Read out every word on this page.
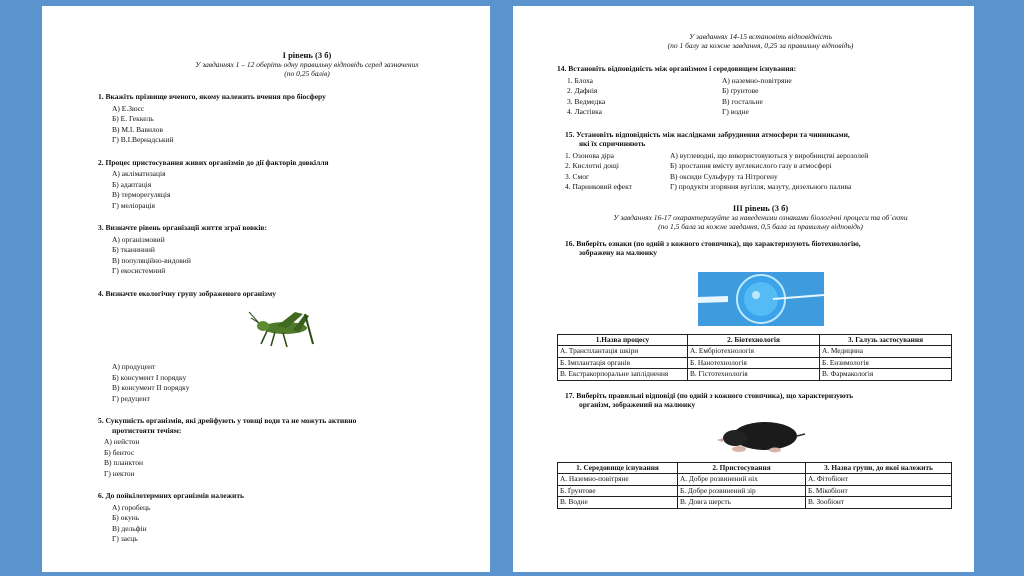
І рівень (3 б)
У завданнях 1 – 12 оберіть одну правильну відповідь серед зазначених
(по 0,25 балів)
1. Вкажіть прізвище вченого, якому належить вчення про біосферу
А) Е.Зюсс
Б) Е. Геккель
В) М.І. Вавилов
Г) В.І.Вернадський
2. Процес пристосування живих організмів до дії факторів довкілля
А) акліматизація
Б) адаптація
В) терморегуляція
Г) меліорація
3. Визначте рівень організації життя зграї вовків:
А) організмовий
Б) тканинний
В) популяційно-видовий
Г) екосистемний
4. Визначте екологічну групу зображеного організму
А) продуцент
Б) консумент І порядку
В) консумент ІІ порядку
Г) редуцент
5. Сукупність організмів, які дрейфують у товщі води та не можуть активно
протистояти течіям:
А) нейстон
Б) бентос
В) планктон
Г) нектон
6. До пойкілотермних організмів належить
А) горобець
Б) окунь
В) дельфін
Г) заєць
У завданнях 14-15 встановіть відповідність
(по 1 балу за кожне завдання, 0,25 за правильну відповідь)
14. Встановіть відповідність між організмом і середовищем існування:
1. Блоха	А) наземно-повітряне
2. Дафнія	Б) ґрунтове
3. Ведмедка	В) гостальне
4. Ластівка	Г) водне
15. Установіть відповідність між наслідками забруднення атмосфери та чинниками,
які їх спричиняють
1. Озонова діра	А) вуглеводні, що використовуються у виробництві аерозолей
2. Кислотні дощі	Б) зростання вмісту вуглекислого газу в атмосфері
3. Смог	В) оксиди Сульфуру та Нітрогену
4. Парниковий ефект	Г) продукти згоряння вугілля, мазуту, дизельного палива
ІІІ рівень (3 б)
У завданнях 16-17 охарактеризуйте за наведеними ознаками біологічні процеси та об`єкти
(по 1,5 бала за кожне завдання, 0,5 бала за правильну відповідь)
16. Виберіть ознаки (по одній з кожного стовпчика), що характеризують біотехнологію,
зображену на малюнку
1.Назва процесу	2. Біотехнологія	3. Галузь застосування
А. Трансплантація шкіри	А. Ембріотехнологія	А. Медицина
Б. Імплантація органів	Б. Нанотехнологія	Б. Ензимологія
В. Екстракорпоральне запліднення	В. Гістотехнологія	В. Фармакологія
17. Виберіть правильні відповіді (по одній з кожного стовпчика), що характеризують
організм, зображений на малюнку
1. Середовище існування	2. Пристосування	3. Назва групи, до якої належить
А. Наземно-повітряне	А. Добре розвинений ніх	А. Фітобіонт
Б. Ґрунтове	Б. Добре розвинений зір	Б. Мікобіонт
В. Водне	В. Довга шерсть	В. Зообіонт
